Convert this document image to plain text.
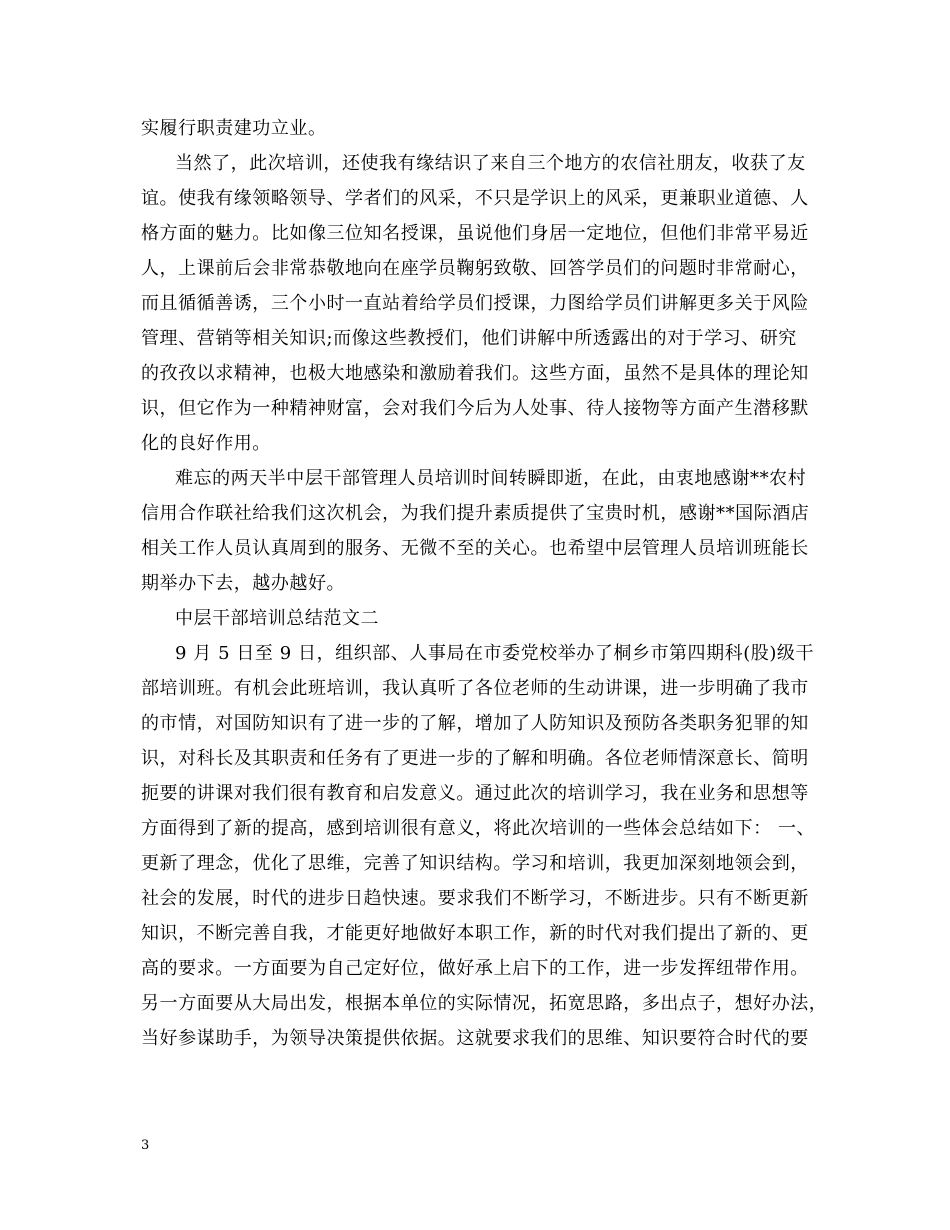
实履行职责建功立业。
当然了，此次培训，还使我有缘结识了来自三个地方的农信社朋友，收获了友
谊。使我有缘领略领导、学者们的风采，不只是学识上的风采，更兼职业道德、人
格方面的魅力。比如像三位知名授课，虽说他们身居一定地位，但他们非常平易近
人，上课前后会非常恭敬地向在座学员鞠躬致敬、回答学员们的问题时非常耐心，
而且循循善诱，三个小时一直站着给学员们授课，力图给学员们讲解更多关于风险
管理、营销等相关知识;而像这些教授们，他们讲解中所透露出的对于学习、研究
的孜孜以求精神，也极大地感染和激励着我们。这些方面，虽然不是具体的理论知
识，但它作为一种精神财富，会对我们今后为人处事、待人接物等方面产生潜移默
化的良好作用。
难忘的两天半中层干部管理人员培训时间转瞬即逝，在此，由衷地感谢**农村
信用合作联社给我们这次机会，为我们提升素质提供了宝贵时机，感谢**国际酒店
相关工作人员认真周到的服务、无微不至的关心。也希望中层管理人员培训班能长
期举办下去，越办越好。
中层干部培训总结范文二
9 月 5 日至 9 日，组织部、人事局在市委党校举办了桐乡市第四期科(股)级干
部培训班。有机会此班培训，我认真听了各位老师的生动讲课，进一步明确了我市
的市情，对国防知识有了进一步的了解，增加了人防知识及预防各类职务犯罪的知
识，对科长及其职责和任务有了更进一步的了解和明确。各位老师情深意长、简明
扼要的讲课对我们很有教育和启发意义。通过此次的培训学习，我在业务和思想等
方面得到了新的提高，感到培训很有意义，将此次培训的一些体会总结如下： 一、
更新了理念，优化了思维，完善了知识结构。学习和培训，我更加深刻地领会到，
社会的发展，时代的进步日趋快速。要求我们不断学习，不断进步。只有不断更新
知识，不断完善自我，才能更好地做好本职工作，新的时代对我们提出了新的、更
高的要求。一方面要为自己定好位，做好承上启下的工作，进一步发挥纽带作用。
另一方面要从大局出发，根据本单位的实际情况，拓宽思路，多出点子，想好办法，
当好参谋助手，为领导决策提供依据。这就要求我们的思维、知识要符合时代的要
3
